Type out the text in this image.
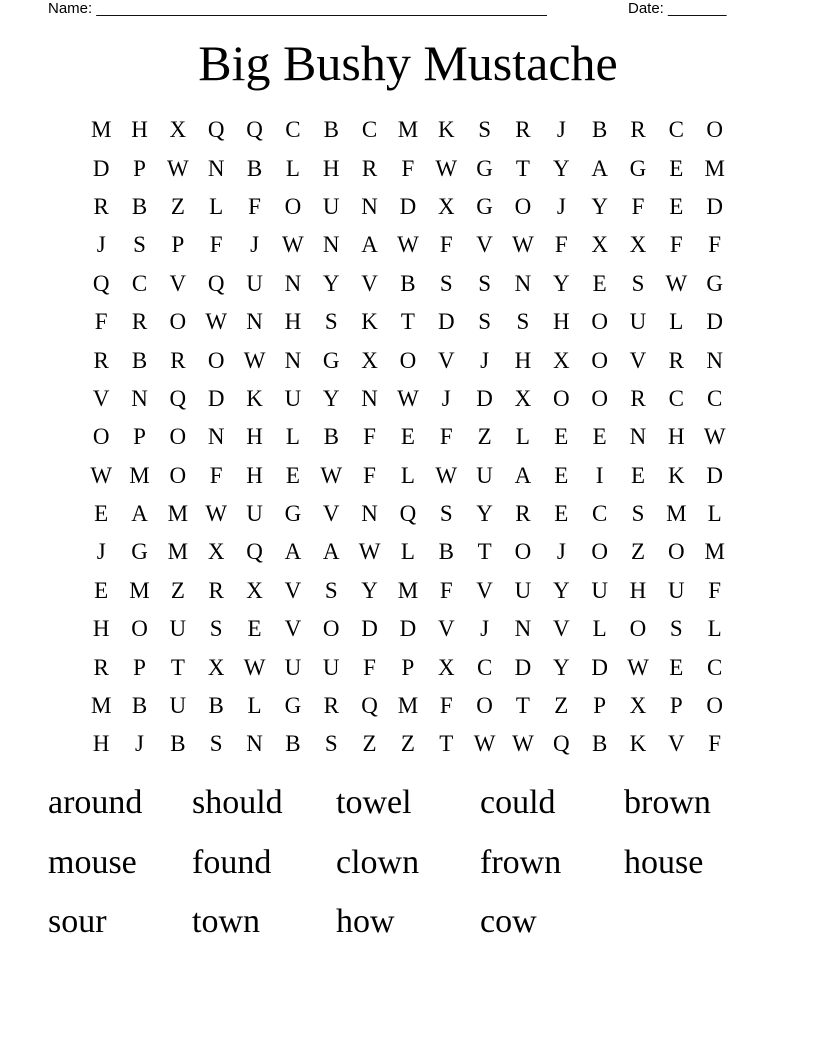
Name: ______________________________________________________	Date: _______
Big Bushy Mustache
M H X Q Q C	B	C M K	S	R	J	B	R	C O
D	P W N B	L	H R	F W G	T	Y A G	E M
R	B	Z	L	F	O U N D X G O	J	Y	F	E	D
J	S	P	F	J	W N A W F	V W F	X X	F	F
Q C V Q U N Y V B	S	S	N Y	E	S W G
F	R O W N H	S	K	T	D	S	S	H O U	L	D
R	B	R O W N G X O V	J	H X O V R N
V N Q D K U Y N W	J	D X O O R	C	C
O	P	O N H	L	B	F	E	F	Z	L	E	E	N H W
W M O	F	H	E W F	L W U A	E	I	E	K D
E	A M W U G V N Q	S	Y R	E	C	S M L
J	G M X Q A A W L	B	T	O	J	O	Z	O M
E M Z	R X V	S	Y M F	V U Y U H U	F
H O U	S	E	V O D D V	J	N V	L	O	S	L
R	P	T	X W U U	F	P	X C D Y D W E	C
M B U B	L	G R Q M F	O	T	Z	P	X	P	O
H	J	B	S	N B	S	Z	Z	T W W Q B K V	F
around	should	towel	could	brown
mouse	found	clown	frown	house
sour	town	how	cow
